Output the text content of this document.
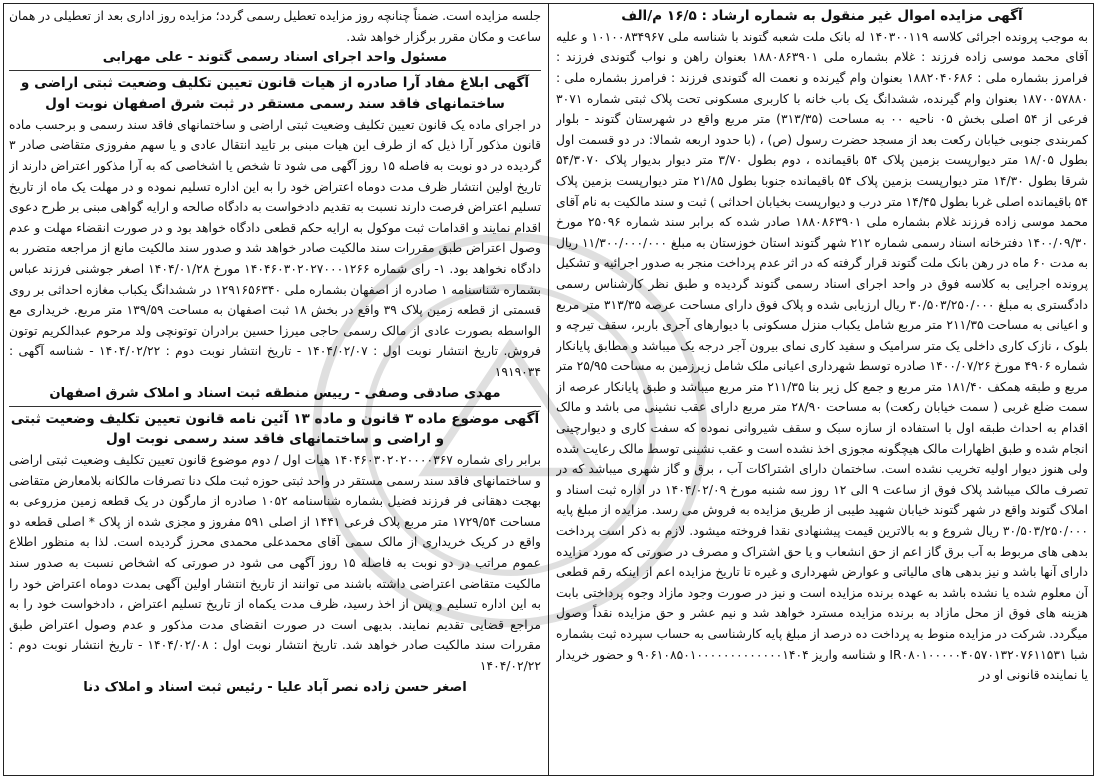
آگهی مزایده اموال غیر منقول به شماره ارشاد : ۱۶/۵ م/الف

به موجب پرونده اجرائی کلاسه ۱۴۰۳۰۰۱۱۹ له بانک ملت شعبه گتوند با شناسه ملی ۱۰۱۰۰۸۳۴۹۶۷ و علیه آقای محمد موسی زاده فرزند : غلام بشماره ملی ۱۸۸۰۸۶۳۹۰۱ بعنوان راهن و نواب گتوندی فرزند : فرامرز بشماره ملی : ۱۸۸۲۰۴۰۶۸۶ بعنوان وام گیرنده و نعمت اله گتوندی فرزند : فرامرز بشماره ملی : ۱۸۷۰۰۵۷۸۸۰ بعنوان وام گیرنده، ششدانگ یک باب خانه با کاربری مسکونی تحت پلاک ثبتی شماره ۳۰۷۱ فرعی از ۵۴ اصلی بخش ۰۵ ناحیه ۰۰ به مساحت (۳۱۳/۳۵) متر مربع واقع در شهرستان گتوند - بلوار کمربندی جنوبی خیابان رکعت بعد از مسجد حضرت رسول (ص) ، (با حدود اربعه شمالا: در دو قسمت اول بطول ۱۸/۰۵ متر دیوارپست بزمین پلاک ۵۴ باقیمانده ، دوم بطول ۳/۷۰ متر دیوار بدیوار پلاک ۵۴/۳۰۷۰ شرقا بطول ۱۴/۳۰ متر دیوارپست بزمین پلاک ۵۴ باقیمانده جنوبا بطول ۲۱/۸۵ متر دیوارپست بزمین پلاک ۵۴ باقیمانده اصلی غربا بطول ۱۴/۴۵ متر درب و دیوارپست بخیابان احداثی ) ثبت و سند مالکیت به نام آقای محمد موسی زاده فرزند غلام بشماره ملی ۱۸۸۰۸۶۳۹۰۱ صادر شده که برابر سند شماره ۲۵۰۹۶ مورخ ۱۴۰۰/۰۹/۳۰ دفترخانه اسناد رسمی شماره ۲۱۲ شهر گتوند استان خوزستان به مبلغ ۱۱/۳۰۰/۰۰۰/۰۰۰ ریال به مدت ۶۰ ماه در رهن بانک ملت گتوند قرار گرفته که در اثر عدم پرداخت منجر به صدور اجرائیه و تشکیل پرونده اجرایی به کلاسه فوق در واحد اجرای اسناد رسمی گتوند گردیده و طبق نظر کارشناس رسمی دادگستری به مبلغ ۳۰/۵۰۳/۲۵۰/۰۰۰ ریال ارزیابی شده و پلاک فوق دارای مساحت عرصه ۳۱۳/۳۵ متر مربع و اعیانی به مساحت ۲۱۱/۳۵ متر مربع شامل یکباب منزل مسکونی با دیوارهای آجری باربر، سقف تیرچه و بلوک ، نازک کاری داخلی یک متر سرامیک و سفید کاری نمای بیرون آجر درجه یک میباشد و مطابق پایانکار شماره ۴۹۰۶ مورخ ۱۴۰۰/۰۷/۲۶ صادره توسط شهرداری اعیانی ملک شامل زیرزمین به مساحت ۲۵/۹۵ متر مربع و طبقه همکف ۱۸۱/۴۰ متر مربع و جمع کل زیر بنا ۲۱۱/۳۵ متر مربع میباشد و طبق پایانکار عرصه از سمت ضلع غربی ( سمت خیابان رکعت) به مساحت ۲۸/۹۰ متر مربع دارای عقب نشینی می باشد و مالک اقدام به احداث طبقه اول با استفاده از سازه سبک و سقف شیروانی نموده که سفت کاری و دیوارچینی انجام شده و طبق اظهارات مالک هیچگونه مجوزی اخذ نشده است و عقب نشینی توسط مالک رعایت شده ولی هنوز دیوار اولیه تخریب نشده است. ساختمان دارای اشتراکات آب ، برق و گاز شهری میباشد که در تصرف مالک میباشد پلاک فوق از ساعت ۹ الی ۱۲ روز سه شنبه مورخ ۱۴۰۴/۰۲/۰۹ در اداره ثبت اسناد و املاک گتوند واقع در شهر گتوند خیابان شهید طیبی از طریق مزایده به فروش می رسد. مزایده از مبلغ پایه ۳۰/۵۰۳/۲۵۰/۰۰۰ ریال شروع و به بالاترین قیمت پیشنهادی نقدا فروخته میشود. لازم به ذکر است پرداخت بدهی های مربوط به آب برق گاز اعم از حق انشعاب و یا حق اشتراک و مصرف در صورتی که مورد مزایده دارای آنها باشد و نیز بدهی های مالیاتی و عوارض شهرداری و غیره تا تاریخ مزایده اعم از اینکه رقم قطعی آن معلوم شده یا نشده باشد به عهده برنده مزایده است و نیز در صورت وجود مازاد وجوه پرداختی بابت هزینه های فوق از محل مازاد به برنده مزایده مسترد خواهد شد و نیم عشر و حق مزایده نقداً وصول میگردد. شرکت در مزایده منوط به پرداخت ده درصد از مبلغ پایه کارشناسی به حساب سپرده ثبت بشماره شبا IR۰۸۰۱۰۰۰۰۰۴۰۵۷۰۱۳۲۰۷۶۱۱۵۳۱ و شناسه واریز ۹۰۶۱۰۸۵۰۱۰۰۰۰۰۰۰۰۰۰۰۰۰۱۴۰۴ و حضور خریدار یا نماینده قانونی او در

جلسه مزایده است. ضمناً چنانچه روز مزایده تعطیل رسمی گردد؛ مزایده روز اداری بعد از تعطیلی در همان ساعت و مکان مقرر برگزار خواهد شد.

مسئول واحد اجرای اسناد رسمی گتوند - علی مهرابی

آگهی ابلاغ مفاد آرا صادره از هیات قانون تعیین تکلیف وضعیت ثبتی اراضی و ساختمانهای فاقد سند رسمی مستقر در ثبت شرق اصفهان نوبت اول

در اجرای ماده یک قانون تعیین تکلیف وضعیت ثبتی اراضی و ساختمانهای فاقد سند رسمی و برحسب ماده قانون مذکور آرا ذیل که از طرف این هیات مبنی بر تایید انتقال عادی و یا سهم مفروزی متقاضی صادر ۳ گردیده در دو نوبت به فاصله ۱۵ روز آگهی می شود تا شخص یا اشخاصی که به آرا مذکور اعتراض دارند از تاریخ اولین انتشار ظرف مدت دوماه اعتراض خود را به این اداره تسلیم نموده و در مهلت یک ماه از تاریخ تسلیم اعتراض فرصت دارند نسبت به تقدیم دادخواست به دادگاه صالحه و ارایه گواهی مبنی بر طرح دعوی اقدام نمایند و اقدامات ثبت موکول به ارایه حکم قطعی دادگاه خواهد بود و در صورت انقضاء مهلت و عدم وصول اعتراض طبق مقررات سند مالکیت صادر خواهد شد و صدور سند مالکیت مانع از مراجعه متضرر به دادگاه نخواهد بود. ۱- رای شماره ۱۴۰۴۶۰۳۰۲۰۲۷۰۰۰۱۲۶۶ مورخ ۱۴۰۴/۰۱/۲۸ اصغر جوشنی فرزند عباس بشماره شناسنامه ۱ صادره از اصفهان بشماره ملی ۱۲۹۱۶۵۶۳۴۰ در ششدانگ یکباب مغازه احداثی بر روی قسمتی از قطعه زمین پلاک ۳۹ واقع در بخش ۱۸ ثبت اصفهان به مساحت ۱۳۹/۵۹ متر مربع. خریداری مع الواسطه بصورت عادی از مالک رسمی حاجی میرزا حسین برادران توتونچی ولد مرحوم عبدالکریم توتون فروش. تاریخ انتشار نوبت اول : ۱۴۰۴/۰۲/۰۷ - تاریخ انتشار نوبت دوم : ۱۴۰۴/۰۲/۲۲ - شناسه آگهی : ۱۹۱۹۰۳۴

مهدی صادقی وصفی - رییس منطقه ثبت اسناد و املاک شرق اصفهان

آگهی موضوع ماده ۳ قانون و ماده ۱۳ آئین نامه قانون تعیین تکلیف وضعیت ثبتی و اراضی و ساختمانهای فاقد سند رسمی نوبت اول

برابر رای شماره ۱۴۰۴۶۰۳۰۲۰۲۰۰۰۰۳۶۷ هیات اول / دوم موضوع قانون تعیین تکلیف وضعیت ثبتی اراضی و ساختمانهای فاقد سند رسمی مستقر در واحد ثبتی حوزه ثبت ملک دنا تصرفات مالکانه بلامعارض متقاضی بهجت دهقانی فر فرزند فضیل بشماره شناسنامه ۱۰۵۲ صادره از مارگون در یک قطعه زمین مزروعی به مساحت ۱۷۲۹/۵۴ متر مربع پلاک فرعی ۱۴۴۱ از اصلی ۵۹۱ مفروز و مجزی شده از پلاک * اصلی قطعه دو واقع در کریک خریداری از مالک سمی آقای محمدعلی محمدی محرز گردیده است. لذا به منظور اطلاع عموم مراتب در دو نوبت به فاصله ۱۵ روز آگهی می شود در صورتی که اشخاص نسبت به صدور سند مالکیت متقاضی اعتراضی داشته باشند می توانند از تاریخ انتشار اولین آگهی بمدت دوماه اعتراض خود را به این اداره تسلیم و پس از اخذ رسید، ظرف مدت یکماه از تاریخ تسلیم اعتراض ، دادخواست خود را به مراجع قضایی تقدیم نمایند. بدیهی است در صورت انقضای مدت مذکور و عدم وصول اعتراض طبق مقررات سند مالکیت صادر خواهد شد. تاریخ انتشار نوبت اول : ۱۴۰۴/۰۲/۰۸ - تاریخ انتشار نوبت دوم : ۱۴۰۴/۰۲/۲۲

اصغر حسن زاده نصر آباد علیا - رئیس ثبت اسناد و املاک دنا
